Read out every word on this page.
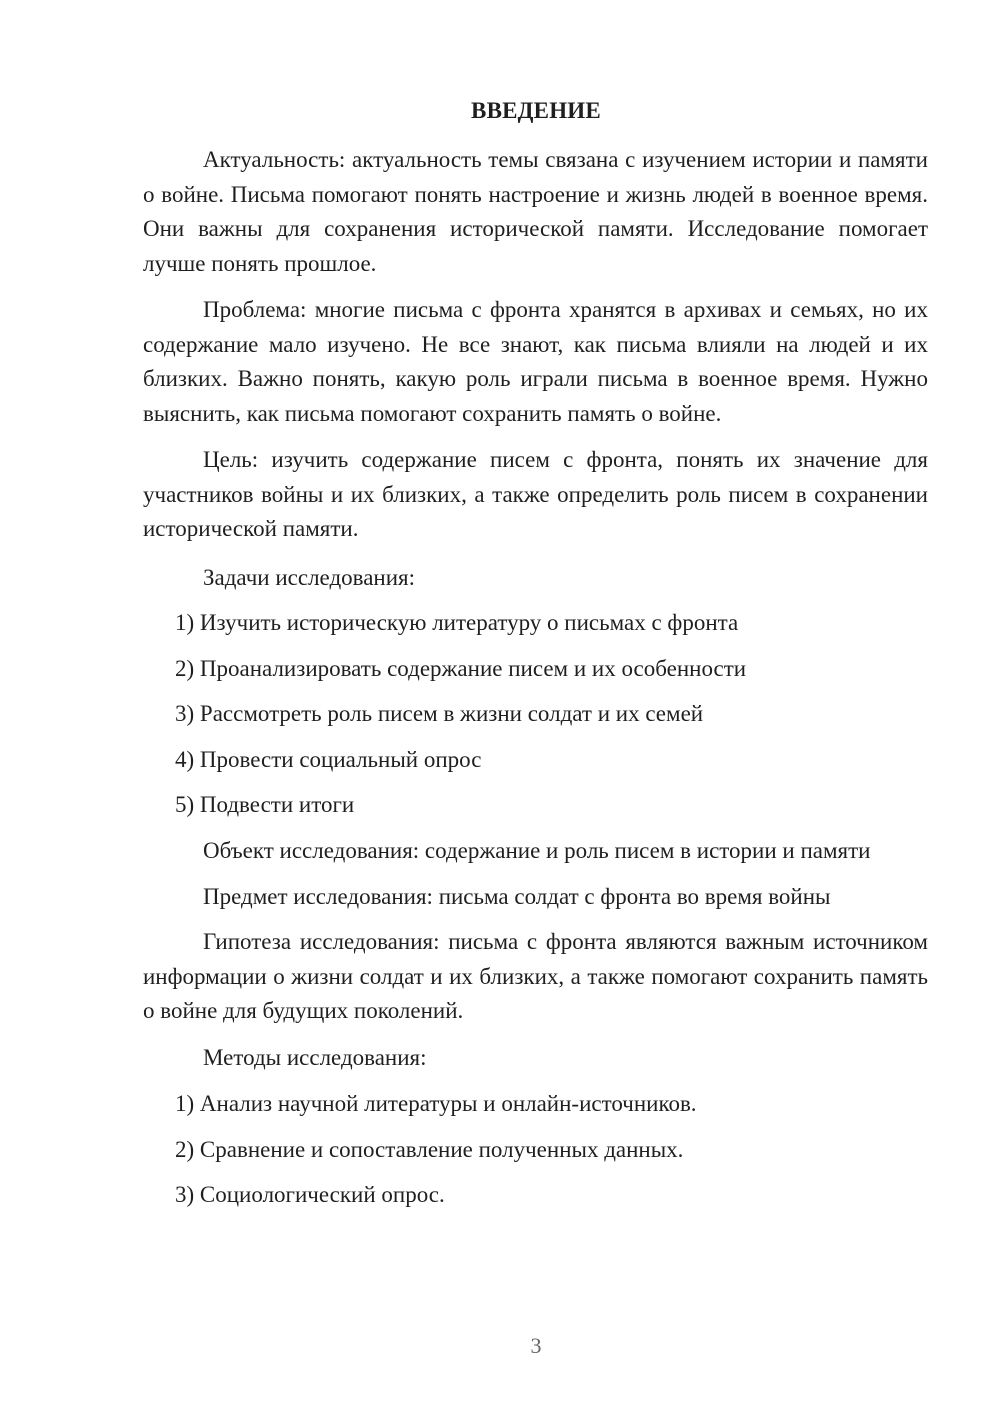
ВВЕДЕНИЕ

Актуальность: актуальность темы связана с изучением истории и памяти о войне. Письма помогают понять настроение и жизнь людей в военное время. Они важны для сохранения исторической памяти. Исследование помогает лучше понять прошлое.

Проблема: многие письма с фронта хранятся в архивах и семьях, но их содержание мало изучено. Не все знают, как письма влияли на людей и их близких. Важно понять, какую роль играли письма в военное время. Нужно выяснить, как письма помогают сохранить память о войне.

Цель: изучить содержание писем с фронта, понять их значение для участников войны и их близких, а также определить роль писем в сохранении исторической памяти.

Задачи исследования:

1) Изучить историческую литературу о письмах с фронта

2) Проанализировать содержание писем и их особенности

3) Рассмотреть роль писем в жизни солдат и их семей

4) Провести социальный опрос

5) Подвести итоги

Объект исследования: содержание и роль писем в истории и памяти

Предмет исследования: письма солдат с фронта во время войны

Гипотеза исследования: письма с фронта являются важным источником информации о жизни солдат и их близких, а также помогают сохранить память о войне для будущих поколений.

Методы исследования:

1) Анализ научной литературы и онлайн-источников.

2) Сравнение и сопоставление полученных данных.

3) Социологический опрос.

3
